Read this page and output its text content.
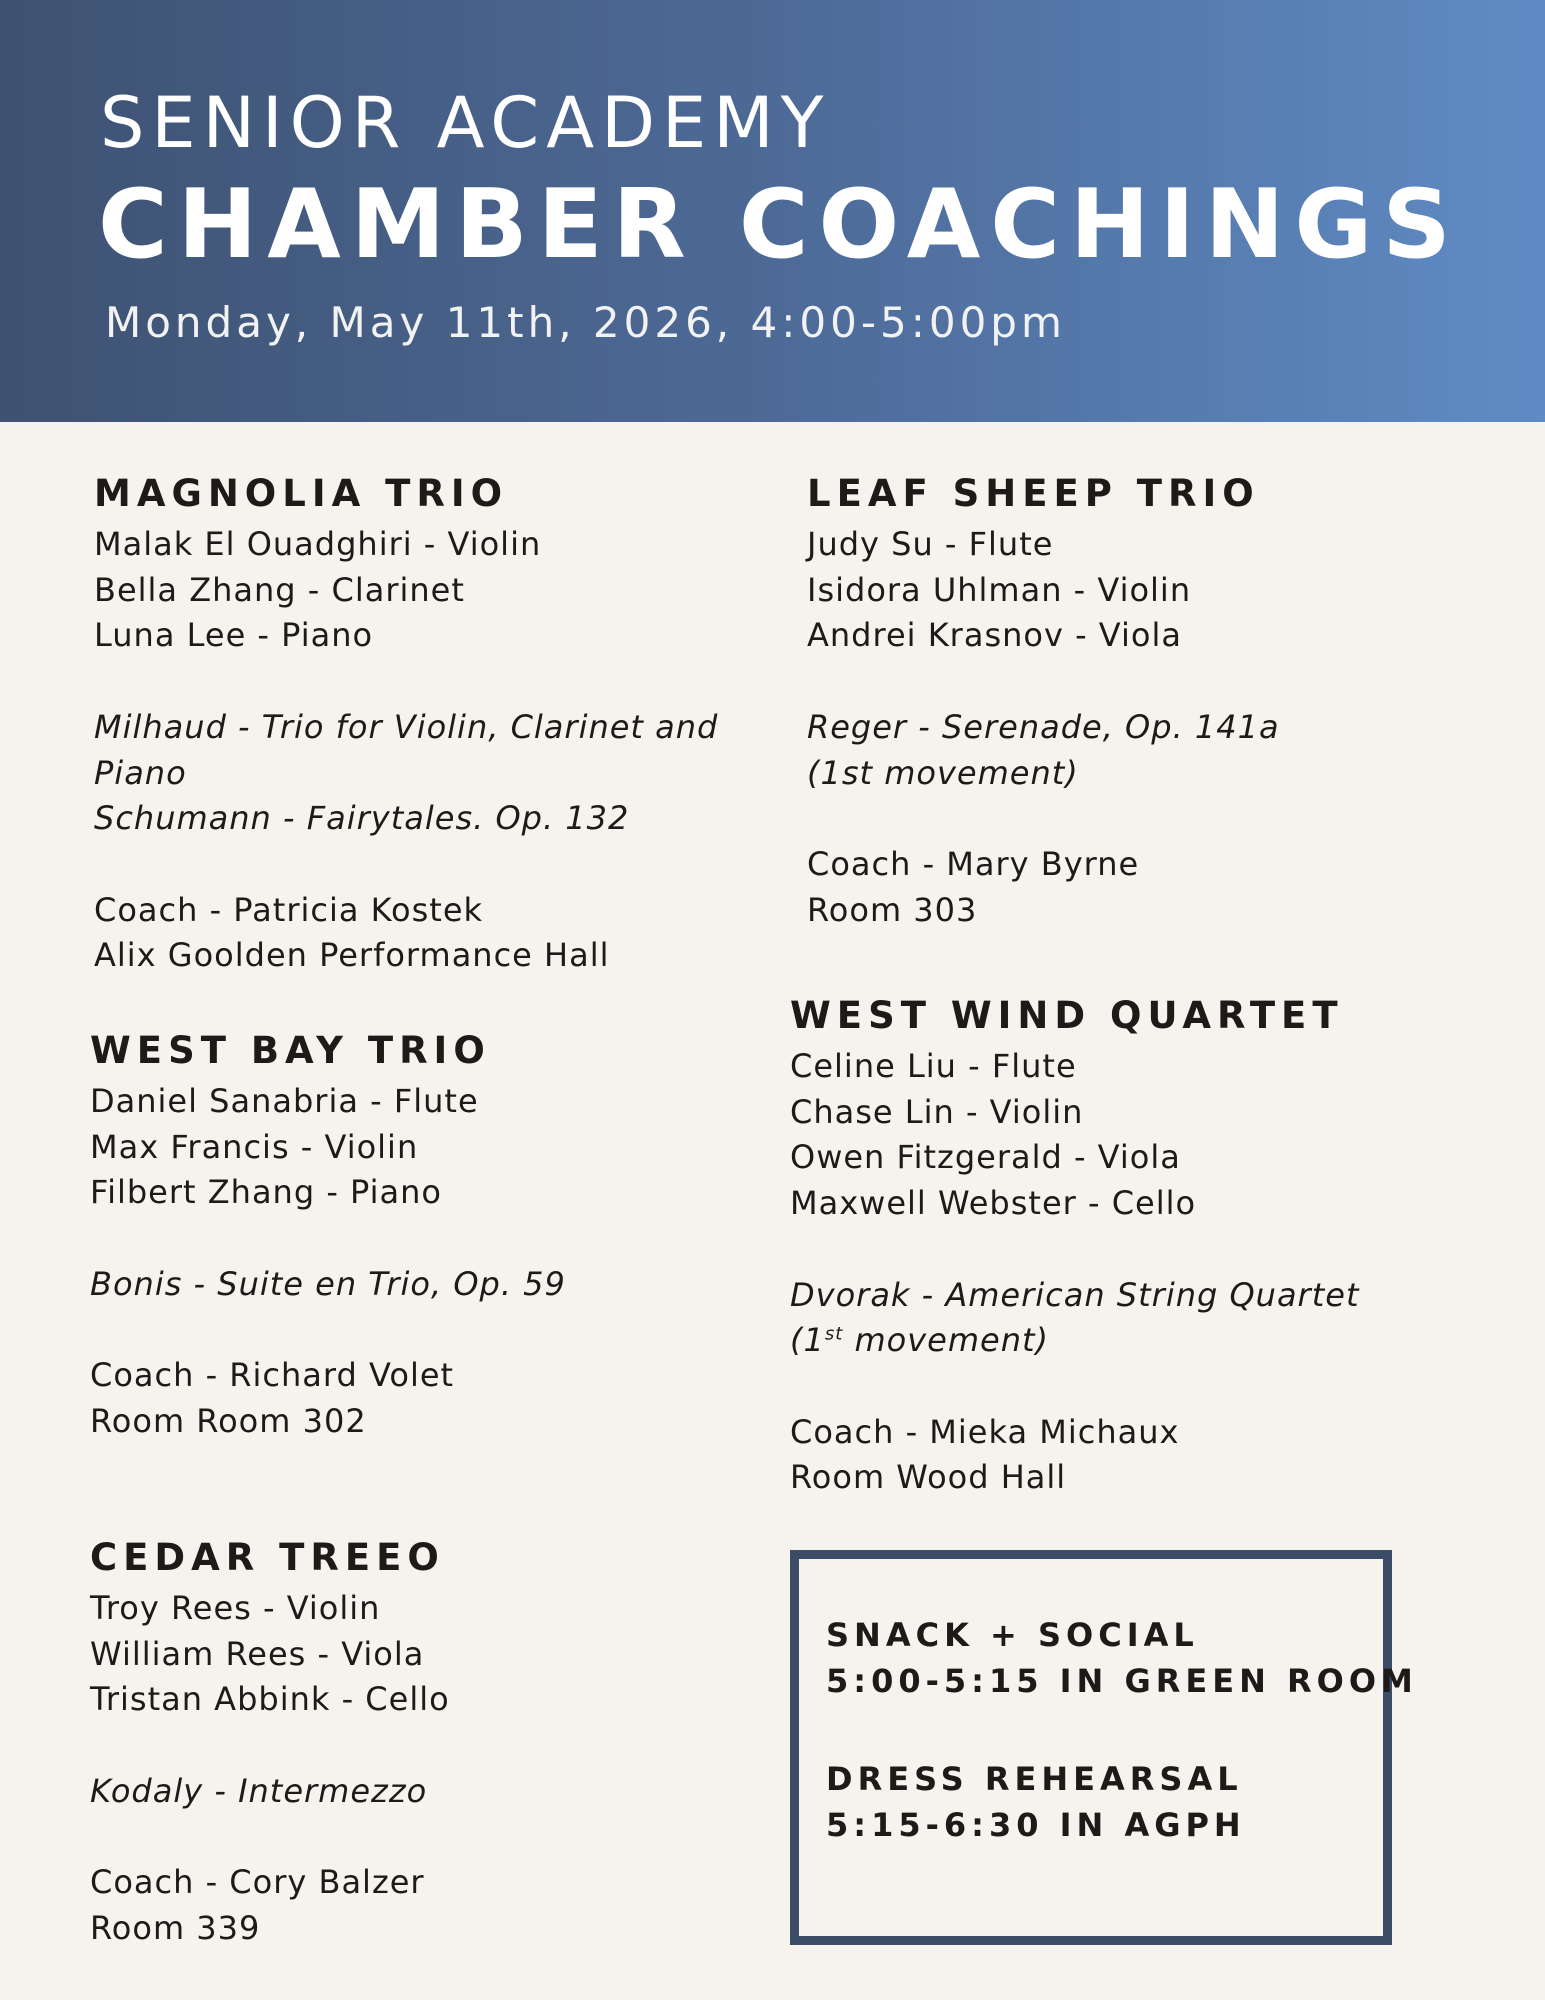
SENIOR ACADEMY
CHAMBER COACHINGS
Monday, May 11th, 2026, 4:00-5:00pm
MAGNOLIA TRIO
Malak El Ouadghiri - Violin
Bella Zhang - Clarinet
Luna Lee - Piano
Milhaud - Trio for Violin, Clarinet and
Piano
Schumann - Fairytales. Op. 132
Coach - Patricia Kostek
Alix Goolden Performance Hall
WEST BAY TRIO
Daniel Sanabria - Flute
Max Francis - Violin
Filbert Zhang - Piano
Bonis - Suite en Trio, Op. 59
Coach - Richard Volet
Room Room 302
CEDAR TREEO
Troy Rees - Violin
William Rees - Viola
Tristan Abbink - Cello
Kodaly - Intermezzo
Coach - Cory Balzer
Room 339
LEAF SHEEP TRIO
Judy Su - Flute
Isidora Uhlman - Violin
Andrei Krasnov - Viola
Reger - Serenade, Op. 141a
(1st movement)
Coach - Mary Byrne
Room 303
WEST WIND QUARTET
Celine Liu - Flute
Chase Lin - Violin
Owen Fitzgerald - Viola
Maxwell Webster - Cello
Dvorak - American String Quartet
(1st movement)
Coach - Mieka Michaux
Room Wood Hall
SNACK + SOCIAL
5:00-5:15 IN GREEN ROOM
DRESS REHEARSAL
5:15-6:30 IN AGPH
